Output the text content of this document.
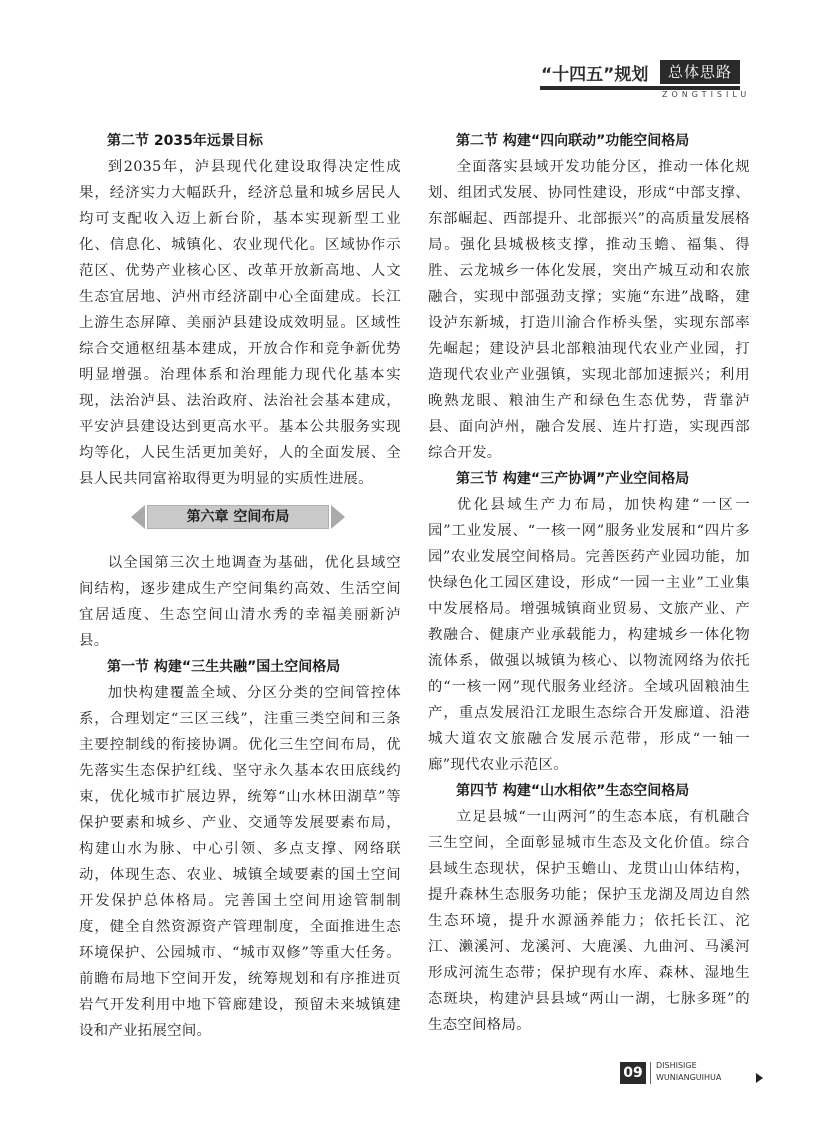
“十四五”规划	总体思路
ZONGTISILU
第二节 2035年远景目标

到2035年，泸县现代化建设取得决定性成果，经济实力大幅跃升，经济总量和城乡居民人均可支配收入迈上新台阶，基本实现新型工业化、信息化、城镇化、农业现代化。区域协作示范区、优势产业核心区、改革开放新高地、人文生态宜居地、泸州市经济副中心全面建成。长江上游生态屏障、美丽泸县建设成效明显。区域性综合交通枢纽基本建成，开放合作和竞争新优势明显增强。治理体系和治理能力现代化基本实现，法治泸县、法治政府、法治社会基本建成，平安泸县建设达到更高水平。基本公共服务实现均等化，人民生活更加美好，人的全面发展、全县人民共同富裕取得更为明显的实质性进展。

第六章 空间布局

以全国第三次土地调查为基础，优化县域空间结构，逐步建成生产空间集约高效、生活空间宜居适度、生态空间山清水秀的幸福美丽新泸县。

第一节 构建“三生共融”国土空间格局

加快构建覆盖全域、分区分类的空间管控体系，合理划定“三区三线”，注重三类空间和三条主要控制线的衔接协调。优化三生空间布局，优先落实生态保护红线、坚守永久基本农田底线约束，优化城市扩展边界，统筹“山水林田湖草”等保护要素和城乡、产业、交通等发展要素布局，构建山水为脉、中心引领、多点支撑、网络联动，体现生态、农业、城镇全域要素的国土空间开发保护总体格局。完善国土空间用途管制制度，健全自然资源资产管理制度，全面推进生态环境保护、公园城市、“城市双修”等重大任务。前瞻布局地下空间开发，统筹规划和有序推进页岩气开发利用中地下管廊建设，预留未来城镇建设和产业拓展空间。

第二节 构建“四向联动”功能空间格局

全面落实县域开发功能分区，推动一体化规划、组团式发展、协同性建设，形成“中部支撑、东部崛起、西部提升、北部振兴”的高质量发展格局。强化县城极核支撑，推动玉蟾、福集、得胜、云龙城乡一体化发展，突出产城互动和农旅融合，实现中部强劲支撑；实施“东进”战略，建设泸东新城，打造川渝合作桥头堡，实现东部率先崛起；建设泸县北部粮油现代农业产业园，打造现代农业产业强镇，实现北部加速振兴；利用晚熟龙眼、粮油生产和绿色生态优势，背靠泸县、面向泸州，融合发展、连片打造，实现西部综合开发。

第三节 构建“三产协调”产业空间格局

优化县域生产力布局，加快构建“一区一园”工业发展、“一核一网”服务业发展和“四片多园”农业发展空间格局。完善医药产业园功能，加快绿色化工园区建设，形成“一园一主业”工业集中发展格局。增强城镇商业贸易、文旅产业、产教融合、健康产业承载能力，构建城乡一体化物流体系，做强以城镇为核心、以物流网络为依托的“一核一网”现代服务业经济。全域巩固粮油生产，重点发展沿江龙眼生态综合开发廊道、沿港城大道农文旅融合发展示范带，形成“一轴一廊”现代农业示范区。

第四节 构建“山水相依”生态空间格局

立足县城“一山两河”的生态本底，有机融合三生空间，全面彰显城市生态及文化价值。综合县域生态现状，保护玉蟾山、龙贯山山体结构，提升森林生态服务功能；保护玉龙湖及周边自然生态环境，提升水源涵养能力；依托长江、沱江、濑溪河、龙溪河、大鹿溪、九曲河、马溪河形成河流生态带；保护现有水库、森林、湿地生态斑块，构建泸县县域“两山一湖，七脉多斑”的生态空间格局。

09	DISHISIGE
WUNIANGUIHUA
